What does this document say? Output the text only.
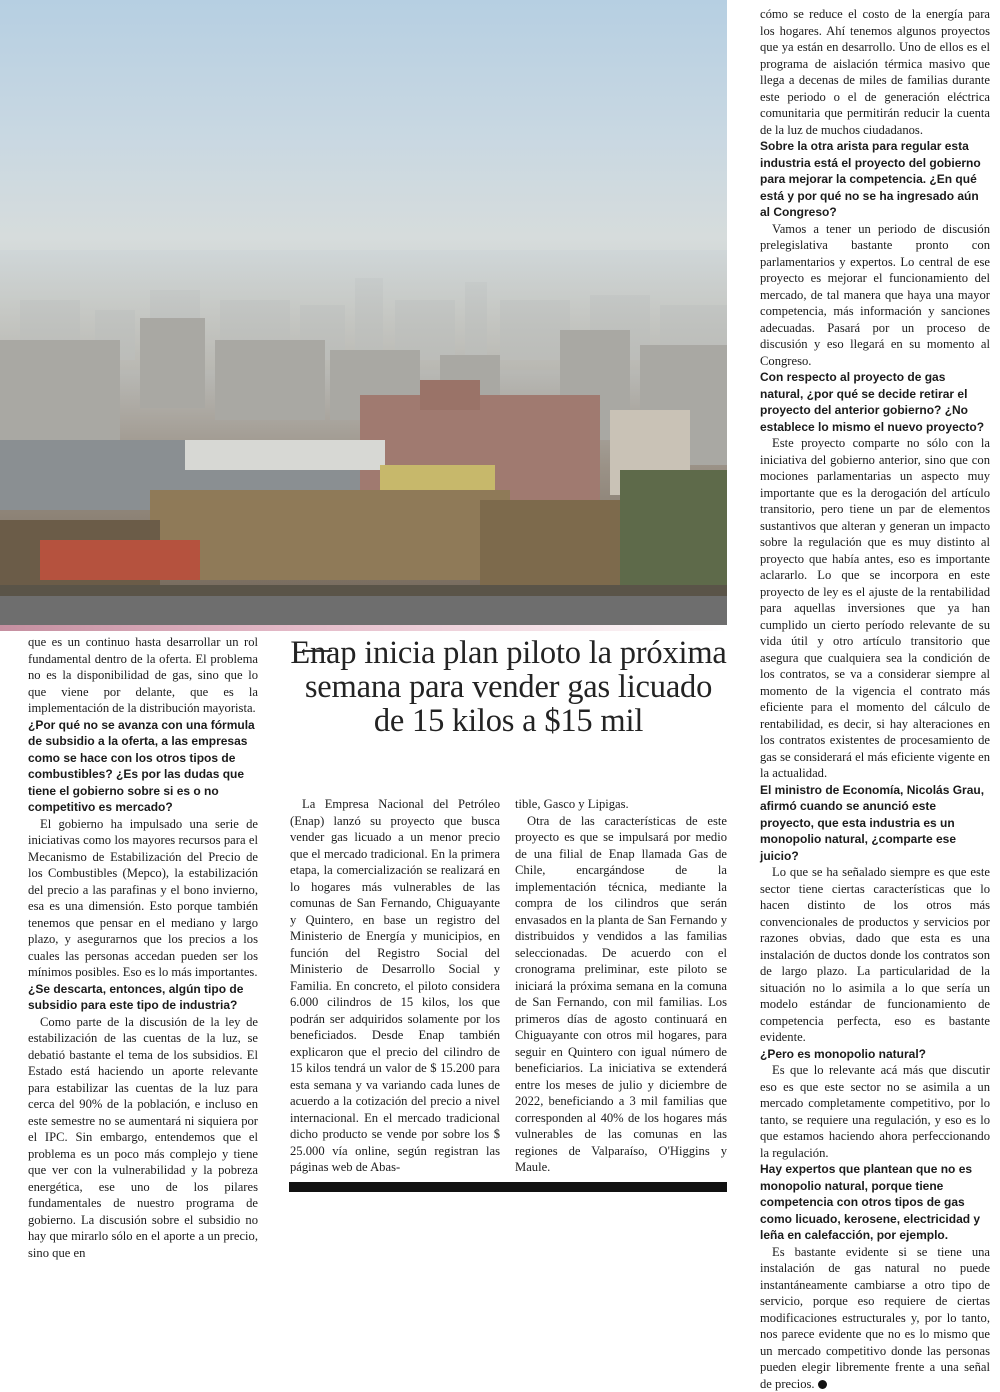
Enap inicia plan piloto la próxima semana para vender gas licuado de 15 kilos a $15 mil

que es un continuo hasta desarrollar un rol fundamental dentro de la oferta. El problema no es la disponibilidad de gas, sino que lo que viene por delante, que es la implementación de la distribución mayorista.

¿Por qué no se avanza con una fórmula de subsidio a la oferta, a las empresas como se hace con los otros tipos de combustibles? ¿Es por las dudas que tiene el gobierno sobre si es o no competitivo es mercado?

El gobierno ha impulsado una serie de iniciativas como los mayores recursos para el Mecanismo de Estabilización del Precio de los Combustibles (Mepco), la estabilización del precio a las parafinas y el bono invierno, esa es una dimensión. Esto porque también tenemos que pensar en el mediano y largo plazo, y asegurarnos que los precios a los cuales las personas accedan pueden ser los mínimos posibles. Eso es lo más importantes.

¿Se descarta, entonces, algún tipo de subsidio para este tipo de industria?

Como parte de la discusión de la ley de estabilización de las cuentas de la luz, se debatió bastante el tema de los subsidios. El Estado está haciendo un aporte relevante para estabilizar las cuentas de la luz para cerca del 90% de la población, e incluso en este semestre no se aumentará ni siquiera por el IPC. Sin embargo, entendemos que el problema es un poco más complejo y tiene que ver con la vulnerabilidad y la pobreza energética, ese uno de los pilares fundamentales de nuestro programa de gobierno. La discusión sobre el subsidio no hay que mirarlo sólo en el aporte a un precio, sino que en

La Empresa Nacional del Petróleo (Enap) lanzó su proyecto que busca vender gas licuado a un menor precio que el mercado tradicional. En la primera etapa, la comercialización se realizará en lo hogares más vulnerables de las comunas de San Fernando, Chiguayante y Quintero, en base un registro del Ministerio de Energía y municipios, en función del Registro Social del Ministerio de Desarrollo Social y Familia. En concreto, el piloto considera 6.000 cilindros de 15 kilos, los que podrán ser adquiridos solamente por los beneficiados. Desde Enap también explicaron que el precio del cilindro de 15 kilos tendrá un valor de $ 15.200 para esta semana y va variando cada lunes de acuerdo a la cotización del precio a nivel internacional. En el mercado tradicional dicho producto se vende por sobre los $ 25.000 vía online, según registran las páginas web de Abas-

tible, Gasco y Lipigas.

Otra de las características de este proyecto es que se impulsará por medio de una filial de Enap llamada Gas de Chile, encargándose de la implementación técnica, mediante la compra de los cilindros que serán envasados en la planta de San Fernando y distribuidos y vendidos a las familias seleccionadas. De acuerdo con el cronograma preliminar, este piloto se iniciará la próxima semana en la comuna de San Fernando, con mil familias. Los primeros días de agosto continuará en Chiguayante con otros mil hogares, para seguir en Quintero con igual número de beneficiarios. La iniciativa se extenderá entre los meses de julio y diciembre de 2022, beneficiando a 3 mil familias que corresponden al 40% de los hogares más vulnerables de las comunas en las regiones de Valparaíso, O'Higgins y Maule.

cómo se reduce el costo de la energía para los hogares. Ahí tenemos algunos proyectos que ya están en desarrollo. Uno de ellos es el programa de aislación térmica masivo que llega a decenas de miles de familias durante este periodo o el de generación eléctrica comunitaria que permitirán reducir la cuenta de la luz de muchos ciudadanos.

Sobre la otra arista para regular esta industria está el proyecto del gobierno para mejorar la competencia. ¿En qué está y por qué no se ha ingresado aún al Congreso?

Vamos a tener un periodo de discusión prelegislativa bastante pronto con parlamentarios y expertos. Lo central de ese proyecto es mejorar el funcionamiento del mercado, de tal manera que haya una mayor competencia, más información y sanciones adecuadas. Pasará por un proceso de discusión y eso llegará en su momento al Congreso.

Con respecto al proyecto de gas natural, ¿por qué se decide retirar el proyecto del anterior gobierno? ¿No establece lo mismo el nuevo proyecto?

Este proyecto comparte no sólo con la iniciativa del gobierno anterior, sino que con mociones parlamentarias un aspecto muy importante que es la derogación del artículo transitorio, pero tiene un par de elementos sustantivos que alteran y generan un impacto sobre la regulación que es muy distinto al proyecto que había antes, eso es importante aclararlo. Lo que se incorpora en este proyecto de ley es el ajuste de la rentabilidad para aquellas inversiones que ya han cumplido un cierto período relevante de su vida útil y otro artículo transitorio que asegura que cualquiera sea la condición de los contratos, se va a considerar siempre al momento de la vigencia el contrato más eficiente para el momento del cálculo de rentabilidad, es decir, si hay alteraciones en los contratos existentes de procesamiento de gas se considerará el más eficiente vigente en la actualidad.

El ministro de Economía, Nicolás Grau, afirmó cuando se anunció este proyecto, que esta industria es un monopolio natural, ¿comparte ese juicio?

Lo que se ha señalado siempre es que este sector tiene ciertas características que lo hacen distinto de los otros más convencionales de productos y servicios por razones obvias, dado que esta es una instalación de ductos donde los contratos son de largo plazo. La particularidad de la situación no lo asimila a lo que sería un modelo estándar de funcionamiento de competencia perfecta, eso es bastante evidente.

¿Pero es monopolio natural?

Es que lo relevante acá más que discutir eso es que este sector no se asimila a un mercado completamente competitivo, por lo tanto, se requiere una regulación, y eso es lo que estamos haciendo ahora perfeccionando la regulación.

Hay expertos que plantean que no es monopolio natural, porque tiene competencia con otros tipos de gas como licuado, kerosene, electricidad y leña en calefacción, por ejemplo.

Es bastante evidente si se tiene una instalación de gas natural no puede instantáneamente cambiarse a otro tipo de servicio, porque eso requiere de ciertas modificaciones estructurales y, por lo tanto, nos parece evidente que no es lo mismo que un mercado competitivo donde las personas pueden elegir libremente frente a una señal de precios.
